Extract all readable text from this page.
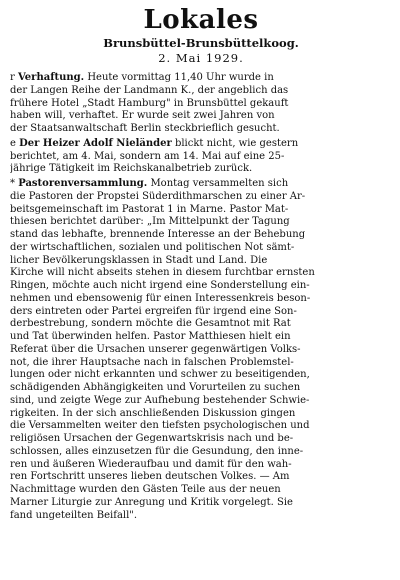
Lokales
Brunsbüttel-Brunsbüttelkoog.
2. Mai 1929.
r Verhaftung. Heute vormittag 11,40 Uhr wurde in
der Langen Reihe der Landmann K., der angeblich das
frühere Hotel „Stadt Hamburg" in Brunsbüttel gekauft
haben will, verhaftet. Er wurde seit zwei Jahren von
der Staatsanwaltschaft Berlin steckbrieflich gesucht.
e Der Heizer Adolf Nieländer blickt nicht, wie gestern
berichtet, am 4. Mai, sondern am 14. Mai auf eine 25-
jährige Tätigkeit im Reichskanalbetrieb zurück.
* Pastorenversammlung. Montag versammelten sich
die Pastoren der Propstei Süderdithmarschen zu einer Ar-
beitsgemeinschaft im Pastorat 1 in Marne. Pastor Mat-
thiesen berichtet darüber: „Im Mittelpunkt der Tagung
stand das lebhafte, brennende Interesse an der Behebung
der wirtschaftlichen, sozialen und politischen Not sämt-
licher Bevölkerungsklassen in Stadt und Land. Die
Kirche will nicht abseits stehen in diesem furchtbar ernsten
Ringen, möchte auch nicht irgend eine Sonderstellung ein-
nehmen und ebensowenig für einen Interessenkreis beson-
ders eintreten oder Partei ergreifen für irgend eine Son-
derbestrebung, sondern möchte die Gesamtnot mit Rat
und Tat überwinden helfen. Pastor Matthiesen hielt ein
Referat über die Ursachen unserer gegenwärtigen Volks-
not, die ihrer Hauptsache nach in falschen Problemstel-
lungen oder nicht erkannten und schwer zu beseitigenden,
schädigenden Abhängigkeiten und Vorurteilen zu suchen
sind, und zeigte Wege zur Aufhebung bestehender Schwie-
rigkeiten. In der sich anschließenden Diskussion gingen
die Versammelten weiter den tiefsten psychologischen und
religiösen Ursachen der Gegenwartskrisis nach und be-
schlossen, alles einzusetzen für die Gesundung, den inne-
ren und äußeren Wiederaufbau und damit für den wah-
ren Fortschritt unseres lieben deutschen Volkes. — Am
Nachmittage wurden den Gästen Teile aus der neuen
Marner Liturgie zur Anregung und Kritik vorgelegt. Sie
fand ungeteilten Beifall".
